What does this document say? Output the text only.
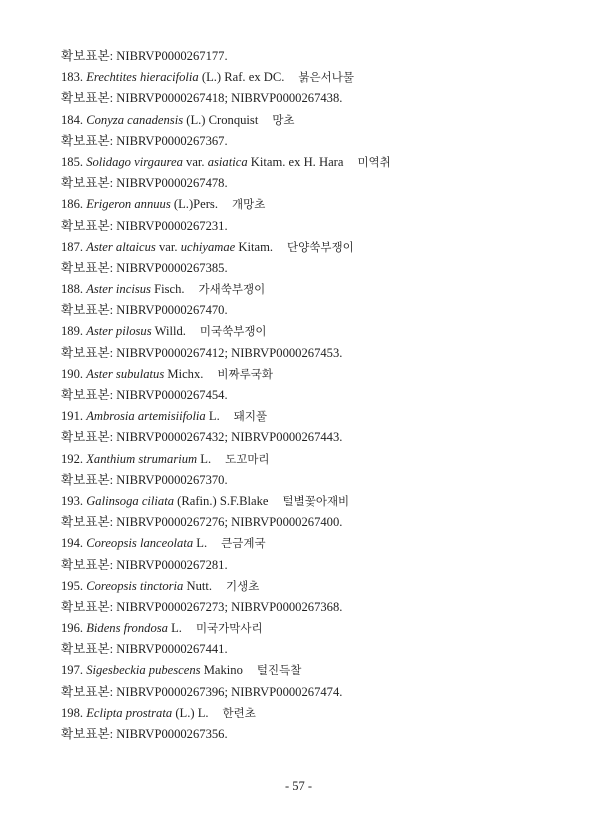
확보표본: NIBRVP0000267177.
183. Erechtites hieracifolia (L.) Raf. ex DC. 붉은서나물
확보표본: NIBRVP0000267418; NIBRVP0000267438.
184. Conyza canadensis (L.) Cronquist 망초
확보표본: NIBRVP0000267367.
185. Solidago virgaurea var. asiatica Kitam. ex H. Hara 미역취
확보표본: NIBRVP0000267478.
186. Erigeron annuus (L.)Pers. 개망초
확보표본: NIBRVP0000267231.
187. Aster altaicus var. uchiyamae Kitam. 단양쑥부쟁이
확보표본: NIBRVP0000267385.
188. Aster incisus Fisch. 가새쑥부쟁이
확보표본: NIBRVP0000267470.
189. Aster pilosus Willd. 미국쑥부쟁이
확보표본: NIBRVP0000267412; NIBRVP0000267453.
190. Aster subulatus Michx. 비짜루국화
확보표본: NIBRVP0000267454.
191. Ambrosia artemisiifolia L. 돼지풀
확보표본: NIBRVP0000267432; NIBRVP0000267443.
192. Xanthium strumarium L. 도꼬마리
확보표본: NIBRVP0000267370.
193. Galinsoga ciliata (Rafin.) S.F.Blake 털별꽃아재비
확보표본: NIBRVP0000267276; NIBRVP0000267400.
194. Coreopsis lanceolata L. 큰금계국
확보표본: NIBRVP0000267281.
195. Coreopsis tinctoria Nutt. 기생초
확보표본: NIBRVP0000267273; NIBRVP0000267368.
196. Bidens frondosa L. 미국가막사리
확보표본: NIBRVP0000267441.
197. Sigesbeckia pubescens Makino 털진득찰
확보표본: NIBRVP0000267396; NIBRVP0000267474.
198. Eclipta prostrata (L.) L. 한련초
확보표본: NIBRVP0000267356.
- 57 -
